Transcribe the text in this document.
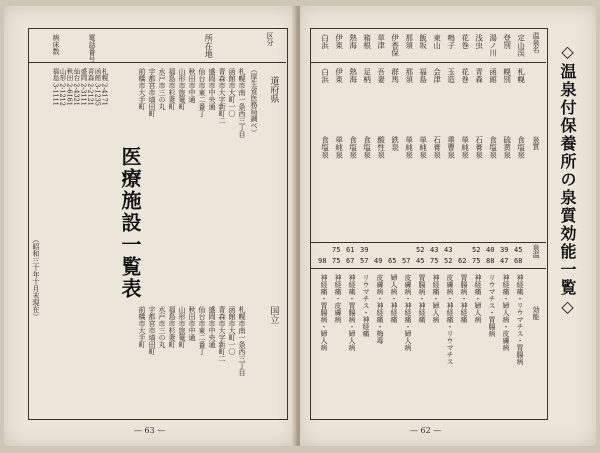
区分
道府県
国立
（厚生省医務局調べ）
所在地
札幌市南一条西三丁目
函館市大町一〇
青森市大字新町二
盛岡市中央通
仙台市東二番丁
秋田市中通
山形市旅篭町
福島市杉妻町
水戸市三の丸
宇都宮市塙田町
前橋市大手町
札幌市南一条西三丁目
函館市大町一〇
青森市大字新町二
盛岡市中央通
仙台市東二番丁
秋田市中通
山形市旅篭町
福島市杉妻町
水戸市三の丸
宇都宮市塙田町
前橋市大手町
医療施設一覧表
電話番号
病床数
（昭和三十年十月末現在）
札幌 2-4171
函館 3-1235
青森 2-2121
盛岡 2-3111
仙台 2-4321
秋田 2-6161
山形 2-1212
福島 3-1111
— 63 —
◇温泉付保養所の泉質効能一覧◇
温泉名
泉質
泉温
効能
定山渓
札幌
食塩泉
神経痛・リウマチス・胃腸病
45
68
登別
幌別
硫黄泉
神経痛・婦人病・皮膚病
39
47
湯ノ川
函館
食塩泉
リウマチス・胃腸病
40
88
浅虫
青森
石膏泉
神経痛・婦人病
52
75
花巻
花巻
単純泉
胃腸病・神経痛
62
鳴子
玉造
重曹泉
皮膚病・神経痛・リウマチス
43
52
東山
会津
石膏泉
神経痛・婦人病
43
75
飯坂
福島
単純泉
胃腸病・神経痛
52
45
那須
那須
単純泉
皮膚病・神経痛・婦人病
57
伊香保
群馬
鉄泉
婦人病・神経痛
65
草津
吾妻
酸性泉
皮膚病・神経痛・梅毒
49
箱根
足柄
食塩泉
リウマチス・神経痛
39
57
熱海
熱海
食塩泉
神経痛・胃腸病・婦人病
61
67
伊東
伊東
単純泉
神経痛・皮膚病
75
75
白浜
白浜
食塩泉
神経痛・胃腸病・婦人病
98
— 62 —
